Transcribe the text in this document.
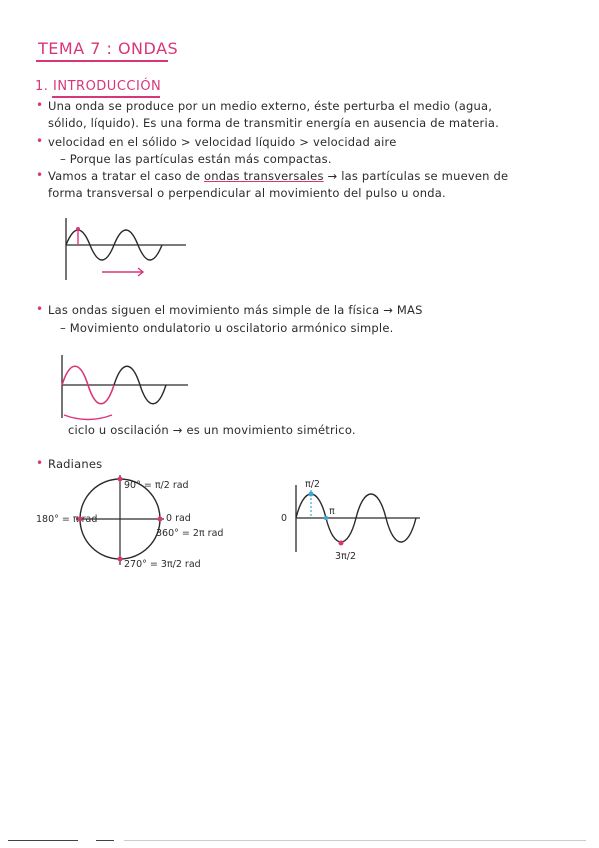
TEMA 7 : ONDAS
1. INTRODUCCIÓN
• Una onda se produce por un medio externo, éste perturba el medio (agua,
sólido, líquido). Es una forma de transmitir energía en ausencia de materia.
• velocidad en el sólido > velocidad líquido > velocidad aire
– Porque las partículas están más compactas.
• Vamos a tratar el caso de ondas transversales → las partículas se mueven de
forma transversal o perpendicular al movimiento del pulso u onda.
• Las ondas siguen el movimiento más simple de la física → MAS
– Movimiento ondulatorio u oscilatorio armónico simple.
ciclo u oscilación → es un movimiento simétrico.
• Radianes
90° = π/2 rad
0 rad
360° = 2π rad
180° = π rad
270° = 3π/2 rad
0
π/2
π
3π/2
